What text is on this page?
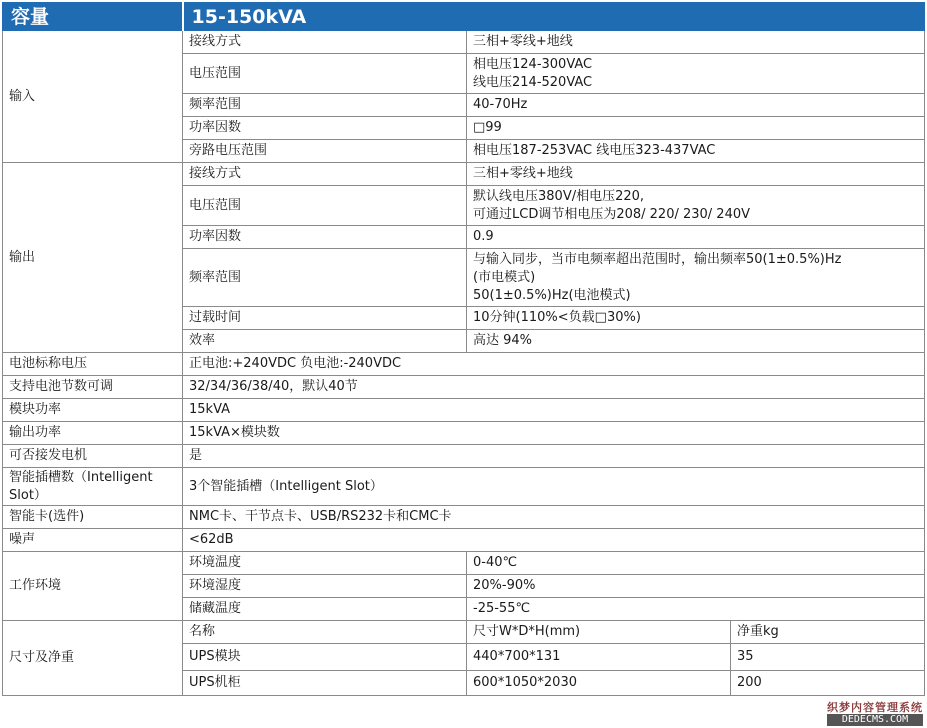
容量	15-150kVA		
输入	接线方式	三相+零线+地线	

	电压范围	相电压124-300VAC
线电压214-520VAC	

	频率范围	40-70Hz	

	功率因数	□99	

	旁路电压范围	相电压187-253VAC 线电压323-437VAC	

输出	接线方式	三相+零线+地线	

	电压范围	默认线电压380V/相电压220,
可通过LCD调节相电压为208/ 220/ 230/ 240V	

	功率因数	0.9	

	频率范围	与输入同步，当市电频率超出范围时，输出频率50(1±0.5%)Hz
(市电模式)
50(1±0.5%)Hz(电池模式)	

	过载时间	10分钟(110%<负载□30%)	

	效率	高达 94%	

电池标称电压	正电池:+240VDC 负电池:-240VDC		
支持电池节数可调	32/34/36/38/40，默认40节		
模块功率	15kVA		
输出功率	15kVA×模块数		
可否接发电机	是		
智能插槽数（Intelligent Slot）	3个智能插槽（Intelligent Slot）		
智能卡(选件)	NMC卡、干节点卡、USB/RS232卡和CMC卡		
噪声	<62dB		
工作环境	环境温度	0-40℃	
	环境湿度	20%-90%	
	储藏温度	-25-55℃	
尺寸及净重	名称	尺寸W*D*H(mm)	净重kg
	UPS模块	440*700*131	35
	UPS机柜	600*1050*2030	200
织梦内容管理系统
DEDECMS.COM
